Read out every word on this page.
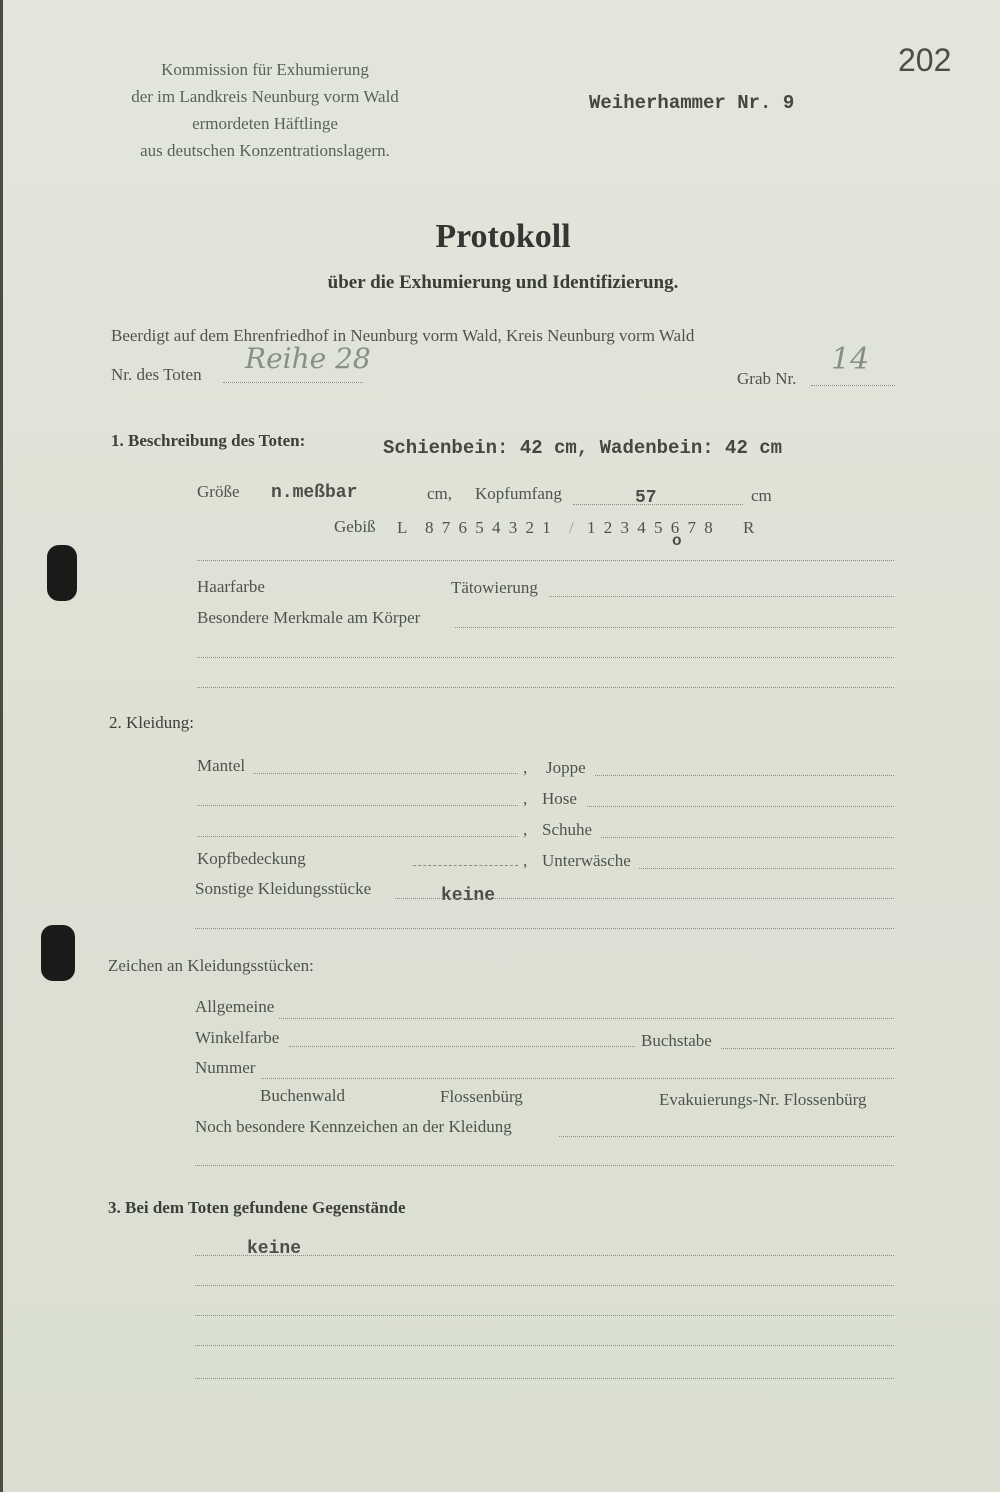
202
Kommission für Exhumierung
der im Landkreis Neunburg vorm Wald
ermordeten Häftlinge
aus deutschen Konzentrationslagern.
Weiherhammer Nr. 9
Protokoll
über die Exhumierung und Identifizierung.
Beerdigt auf dem Ehrenfriedhof in Neunburg vorm Wald, Kreis Neunburg vorm Wald
Nr. des Toten Reihe 28
Grab Nr.
14
1. Beschreibung des Toten:	Schienbein: 42 cm, Wadenbein: 42 cm
Größe n.meßbar	cm, Kopfumfang	57	cm
Gebiß L 8 7 6 5 4 3 2 1 / 1 2 3 4 5 6 7 8 R
o
Haarfarbe	Tätowierung
Besondere Merkmale am Körper
2. Kleidung:
Mantel	, Joppe
, Hose
, Schuhe
Kopfbedeckung	, Unterwäsche
Sonstige Kleidungsstücke	keine
Zeichen an Kleidungsstücken:
Allgemeine
Winkelfarbe	Buchstabe
Nummer
Buchenwald	Flossenbürg	Evakuierungs-Nr. Flossenbürg
Noch besondere Kennzeichen an der Kleidung
3. Bei dem Toten gefundene Gegenstände
keine
